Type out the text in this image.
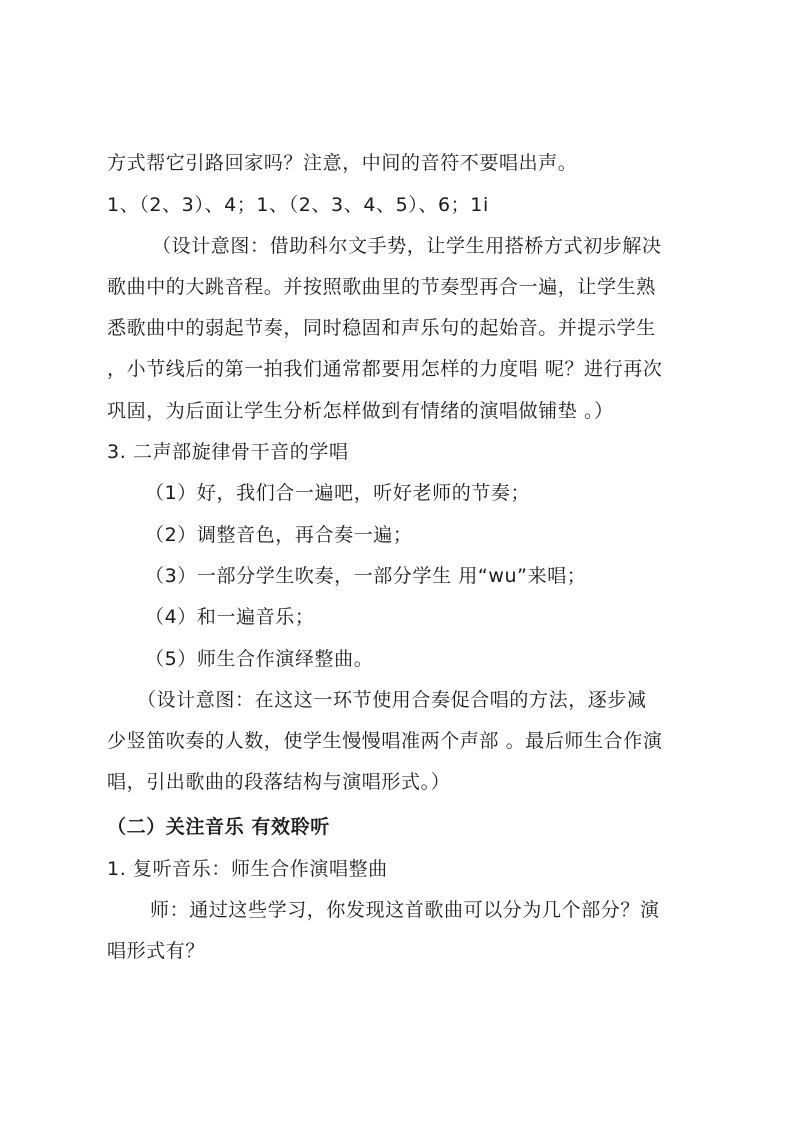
方式帮它引路回家吗？注意，中间的音符不要唱出声。
1、（2、3）、4；1、（2、3、4、5）、6；1i
（设计意图：借助科尔文手势，让学生用搭桥方式初步解决
歌曲中的大跳音程。并按照歌曲里的节奏型再合一遍，让学生熟
悉歌曲中的弱起节奏，同时稳固和声乐句的起始音。并提示学生
，小节线后的第一拍我们通常都要用怎样的力度唱 呢？进行再次
巩固，为后面让学生分析怎样做到有情绪的演唱做铺垫 。）
3. 二声部旋律骨干音的学唱
（1）好，我们合一遍吧，听好老师的节奏；
（2）调整音色，再合奏一遍；
（3）一部分学生吹奏，一部分学生 用“wu”来唱；
（4）和一遍音乐；
（5）师生合作演绎整曲。
（设计意图：在这这一环节使用合奏促合唱的方法，逐步减
少竖笛吹奏的人数，使学生慢慢唱准两个声部 。最后师生合作演
唱，引出歌曲的段落结构与演唱形式。）
（二）关注音乐 有效聆听
1. 复听音乐：师生合作演唱整曲
师：通过这些学习，你发现这首歌曲可以分为几个部分？演
唱形式有？
